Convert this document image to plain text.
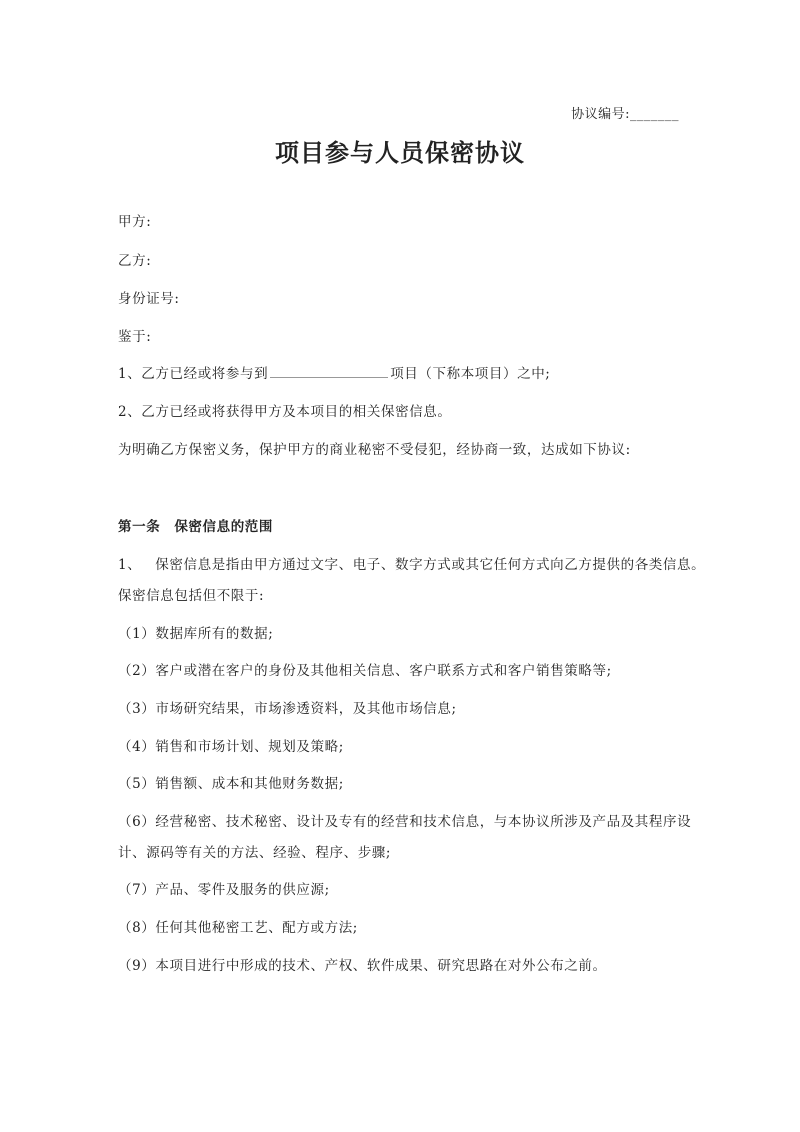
协议编号:_______
项目参与人员保密协议
甲方:
乙方:
身份证号:
鉴于:
1、乙方已经或将参与到	项目（下称本项目）之中;
2、乙方已经或将获得甲方及本项目的相关保密信息。
为明确乙方保密义务，保护甲方的商业秘密不受侵犯，经协商一致，达成如下协议:
第一条 保密信息的范围
1、 保密信息是指由甲方通过文字、电子、数字方式或其它任何方式向乙方提供的各类信息。
保密信息包括但不限于:
（1）数据库所有的数据;
（2）客户或潜在客户的身份及其他相关信息、客户联系方式和客户销售策略等;
（3）市场研究结果，市场渗透资料，及其他市场信息;
（4）销售和市场计划、规划及策略;
（5）销售额、成本和其他财务数据;
（6）经营秘密、技术秘密、设计及专有的经营和技术信息，与本协议所涉及产品及其程序设
计、源码等有关的方法、经验、程序、步骤;
（7）产品、零件及服务的供应源;
（8）任何其他秘密工艺、配方或方法;
（9）本项目进行中形成的技术、产权、软件成果、研究思路在对外公布之前。
